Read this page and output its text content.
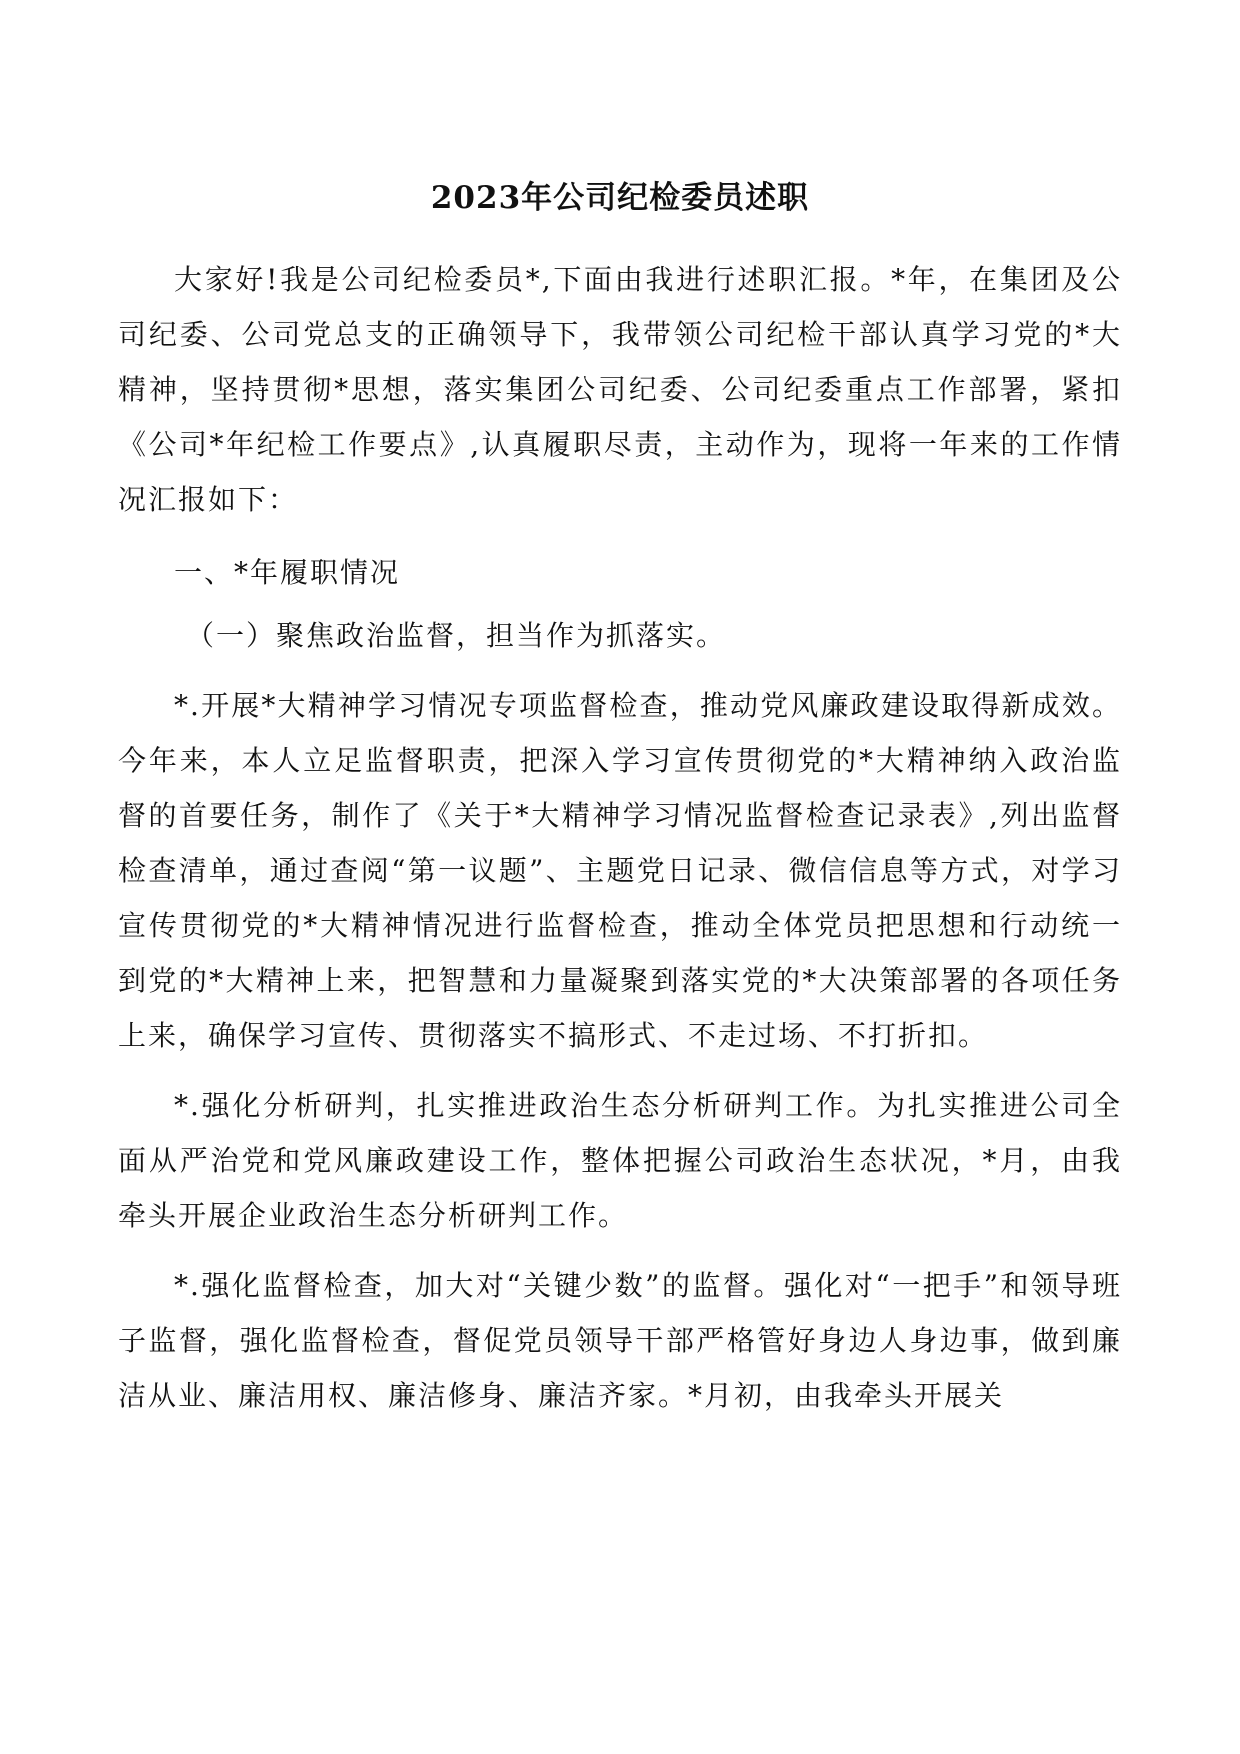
2023年公司纪检委员述职

大家好!我是公司纪检委员*,下面由我进行述职汇报。*年，在集团及公司纪委、公司党总支的正确领导下，我带领公司纪检干部认真学习党的*大精神，坚持贯彻*思想，落实集团公司纪委、公司纪委重点工作部署，紧扣《公司*年纪检工作要点》,认真履职尽责，主动作为，现将一年来的工作情况汇报如下：

一、*年履职情况

（一）聚焦政治监督，担当作为抓落实。

*.开展*大精神学习情况专项监督检查，推动党风廉政建设取得新成效。今年来，本人立足监督职责，把深入学习宣传贯彻党的*大精神纳入政治监督的首要任务，制作了《关于*大精神学习情况监督检查记录表》,列出监督检查清单，通过查阅“第一议题”、主题党日记录、微信信息等方式，对学习宣传贯彻党的*大精神情况进行监督检查，推动全体党员把思想和行动统一到党的*大精神上来，把智慧和力量凝聚到落实党的*大决策部署的各项任务上来，确保学习宣传、贯彻落实不搞形式、不走过场、不打折扣。

*.强化分析研判，扎实推进政治生态分析研判工作。为扎实推进公司全面从严治党和党风廉政建设工作，整体把握公司政治生态状况，*月，由我牵头开展企业政治生态分析研判工作。

*.强化监督检查，加大对“关键少数”的监督。强化对“一把手”和领导班子监督，强化监督检查，督促党员领导干部严格管好身边人身边事，做到廉洁从业、廉洁用权、廉洁修身、廉洁齐家。*月初，由我牵头开展关
